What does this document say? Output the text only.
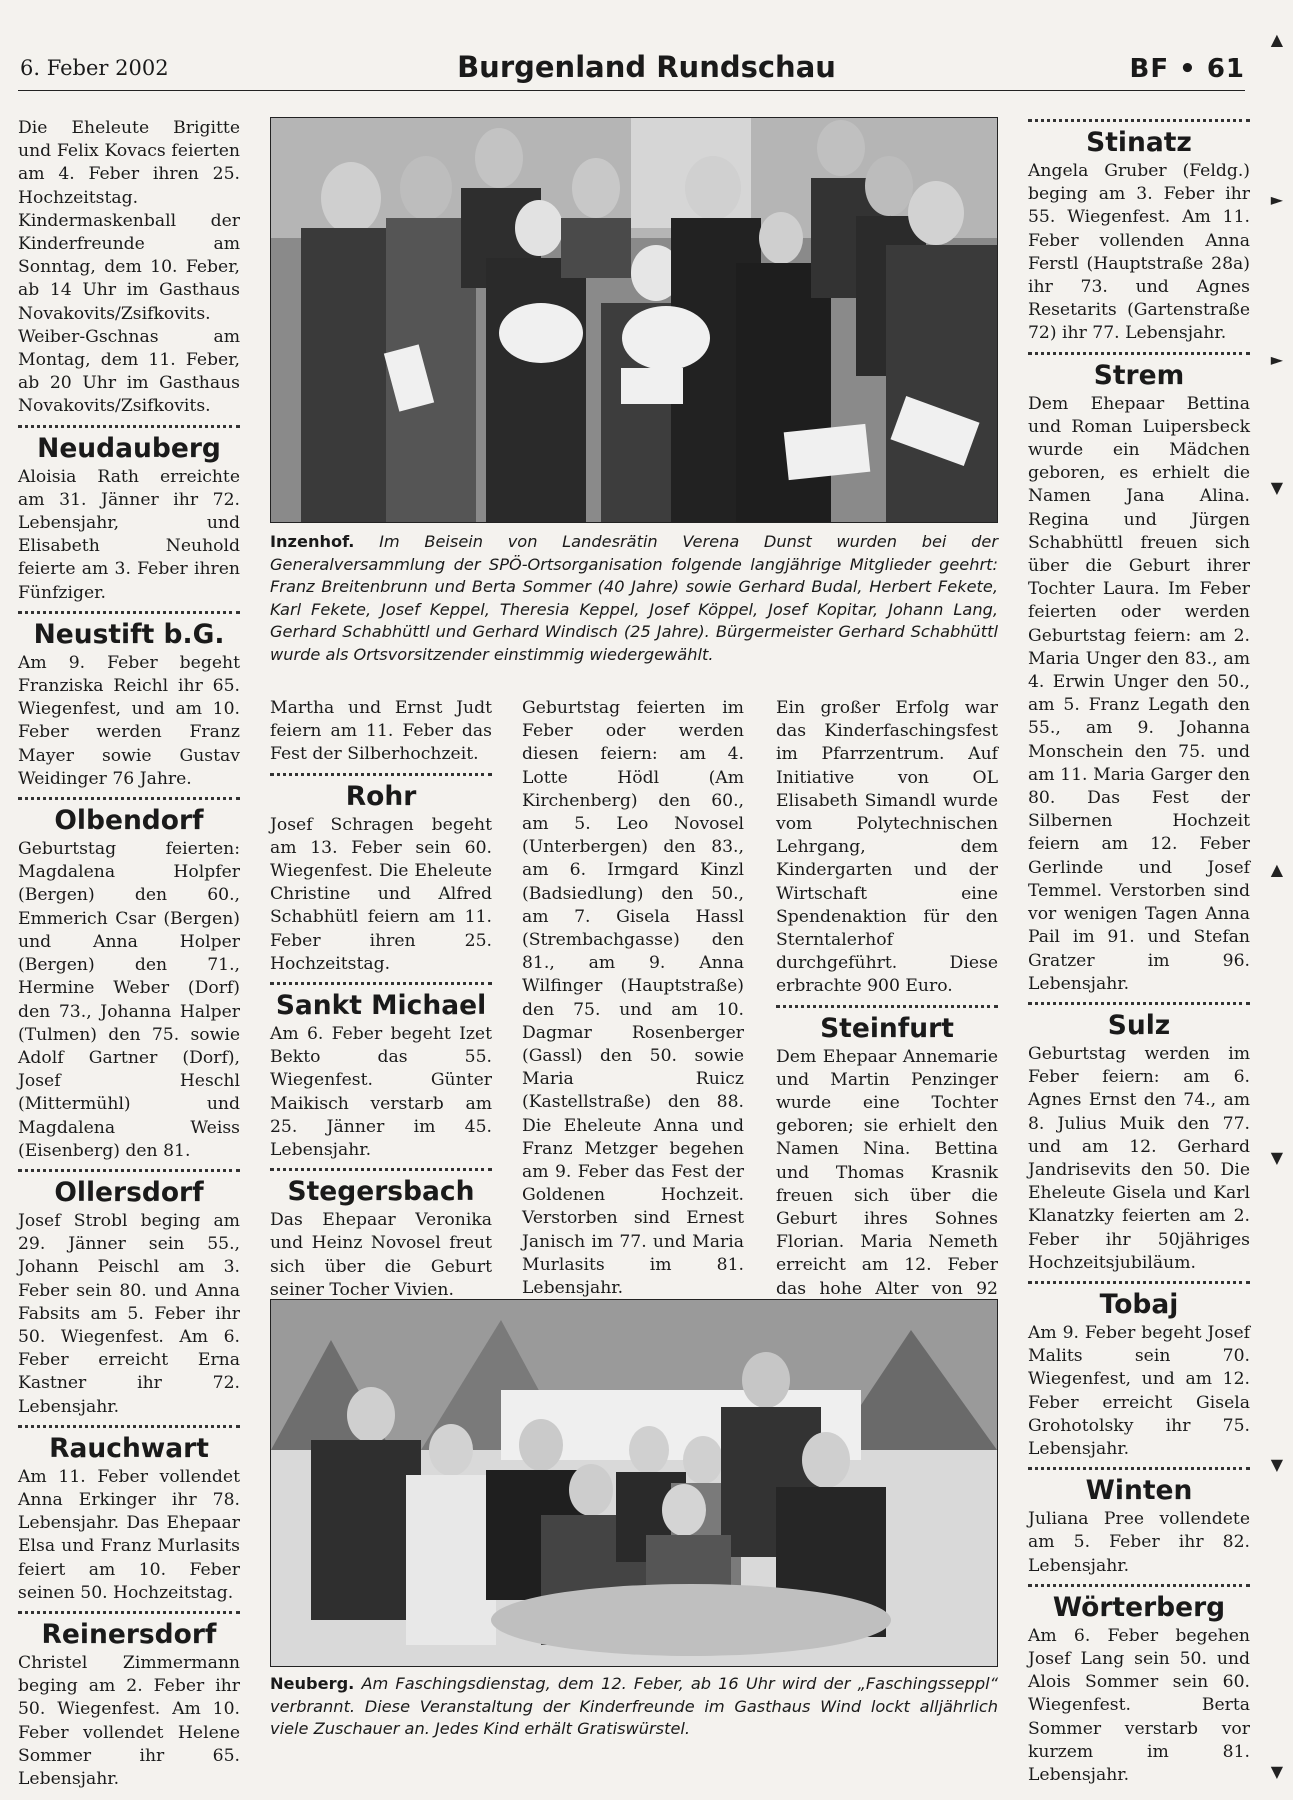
6. Feber 2002	Burgenland Rundschau	BF • 61

Die Eheleute Brigitte und Felix Kovacs feierten am 4. Feber ihren 25. Hochzeitstag. Kindermaskenball der Kinderfreunde am Sonntag, dem 10. Feber, ab 14 Uhr im Gasthaus Novakovits/Zsifkovits. Weiber-Gschnas am Montag, dem 11. Feber, ab 20 Uhr im Gasthaus Novakovits/Zsifkovits.

Neudauberg

Aloisia Rath erreichte am 31. Jänner ihr 72. Lebensjahr, und Elisabeth Neuhold feierte am 3. Feber ihren Fünfziger.

Neustift b.G.

Am 9. Feber begeht Franziska Reichl ihr 65. Wiegenfest, und am 10. Feber werden Franz Mayer sowie Gustav Weidinger 76 Jahre.

Olbendorf

Geburtstag feierten: Magdalena Holpfer (Bergen) den 60., Emmerich Csar (Bergen) und Anna Holper (Bergen) den 71., Hermine Weber (Dorf) den 73., Johanna Halper (Tulmen) den 75. sowie Adolf Gartner (Dorf), Josef Heschl (Mittermühl) und Magdalena Weiss (Eisenberg) den 81.

Ollersdorf

Josef Strobl beging am 29. Jänner sein 55., Johann Peischl am 3. Feber sein 80. und Anna Fabsits am 5. Feber ihr 50. Wiegenfest. Am 6. Feber erreicht Erna Kastner ihr 72. Lebensjahr.

Rauchwart

Am 11. Feber vollendet Anna Erkinger ihr 78. Lebensjahr. Das Ehepaar Elsa und Franz Murlasits feiert am 10. Feber seinen 50. Hochzeitstag.

Reinersdorf

Christel Zimmermann beging am 2. Feber ihr 50. Wiegenfest. Am 10. Feber vollendet Helene Sommer ihr 65. Lebensjahr.

Inzenhof. Im Beisein von Landesrätin Verena Dunst wurden bei der Generalversammlung der SPÖ-Ortsorganisation folgende langjährige Mitglieder geehrt: Franz Breitenbrunn und Berta Sommer (40 Jahre) sowie Gerhard Budal, Herbert Fekete, Karl Fekete, Josef Keppel, Theresia Keppel, Josef Köppel, Josef Kopitar, Johann Lang, Gerhard Schabhüttl und Gerhard Windisch (25 Jahre). Bürgermeister Gerhard Schabhüttl wurde als Ortsvorsitzender einstimmig wiedergewählt.

Martha und Ernst Judt feiern am 11. Feber das Fest der Silberhochzeit.

Rohr

Josef Schragen begeht am 13. Feber sein 60. Wiegenfest. Die Eheleute Christine und Alfred Schabhütl feiern am 11. Feber ihren 25. Hochzeitstag.

Sankt Michael

Am 6. Feber begeht Izet Bekto das 55. Wiegenfest. Günter Maikisch verstarb am 25. Jänner im 45. Lebensjahr.

Stegersbach

Das Ehepaar Veronika und Heinz Novosel freut sich über die Geburt seiner Tocher Vivien.

Geburtstag feierten im Feber oder werden diesen feiern: am 4. Lotte Hödl (Am Kirchenberg) den 60., am 5. Leo Novosel (Unterbergen) den 83., am 6. Irmgard Kinzl (Badsiedlung) den 50., am 7. Gisela Hassl (Strembachgasse) den 81., am 9. Anna Wilfinger (Hauptstraße) den 75. und am 10. Dagmar Rosenberger (Gassl) den 50. sowie Maria Ruicz (Kastellstraße) den 88. Die Eheleute Anna und Franz Metzger begehen am 9. Feber das Fest der Goldenen Hochzeit. Verstorben sind Ernest Janisch im 77. und Maria Murlasits im 81. Lebensjahr.

Ein großer Erfolg war das Kinderfaschingsfest im Pfarrzentrum. Auf Initiative von OL Elisabeth Simandl wurde vom Polytechnischen Lehrgang, dem Kindergarten und der Wirtschaft eine Spendenaktion für den Sterntalerhof durchgeführt. Diese erbrachte 900 Euro.

Steinfurt

Dem Ehepaar Annemarie und Martin Penzinger wurde eine Tochter geboren; sie erhielt den Namen Nina. Bettina und Thomas Krasnik freuen sich über die Geburt ihres Sohnes Florian. Maria Nemeth erreicht am 12. Feber das hohe Alter von 92

Neuberg. Am Faschingsdienstag, dem 12. Feber, ab 16 Uhr wird der „Faschingsseppl“ verbrannt. Diese Veranstaltung der Kinderfreunde im Gasthaus Wind lockt alljährlich viele Zuschauer an. Jedes Kind erhält Gratiswürstel.
Stinatz

Angela Gruber (Feldg.) beging am 3. Feber ihr 55. Wiegenfest. Am 11. Feber vollenden Anna Ferstl (Hauptstraße 28a) ihr 73. und Agnes Resetarits (Gartenstraße 72) ihr 77. Lebensjahr.

Strem

Dem Ehepaar Bettina und Roman Luipersbeck wurde ein Mädchen geboren, es erhielt die Namen Jana Alina. Regina und Jürgen Schabhüttl freuen sich über die Geburt ihrer Tochter Laura. Im Feber feierten oder werden Geburtstag feiern: am 2. Maria Unger den 83., am 4. Erwin Unger den 50., am 5. Franz Legath den 55., am 9. Johanna Monschein den 75. und am 11. Maria Garger den 80. Das Fest der Silbernen Hochzeit feiern am 12. Feber Gerlinde und Josef Temmel. Verstorben sind vor wenigen Tagen Anna Pail im 91. und Stefan Gratzer im 96. Lebensjahr.

Sulz

Geburtstag werden im Feber feiern: am 6. Agnes Ernst den 74., am 8. Julius Muik den 77. und am 12. Gerhard Jandrisevits den 50. Die Eheleute Gisela und Karl Klanatzky feierten am 2. Feber ihr 50jähriges Hochzeitsjubiläum.

Tobaj

Am 9. Feber begeht Josef Malits sein 70. Wiegenfest, und am 12. Feber erreicht Gisela Grohotolsky ihr 75. Lebensjahr.

Winten

Juliana Pree vollendete am 5. Feber ihr 82. Lebensjahr.

Wörterberg

Am 6. Feber begehen Josef Lang sein 50. und Alois Sommer sein 60. Wiegenfest. Berta Sommer verstarb vor kurzem im 81. Lebensjahr.

▲
►
►
▼
▲
▼
▼
▼
